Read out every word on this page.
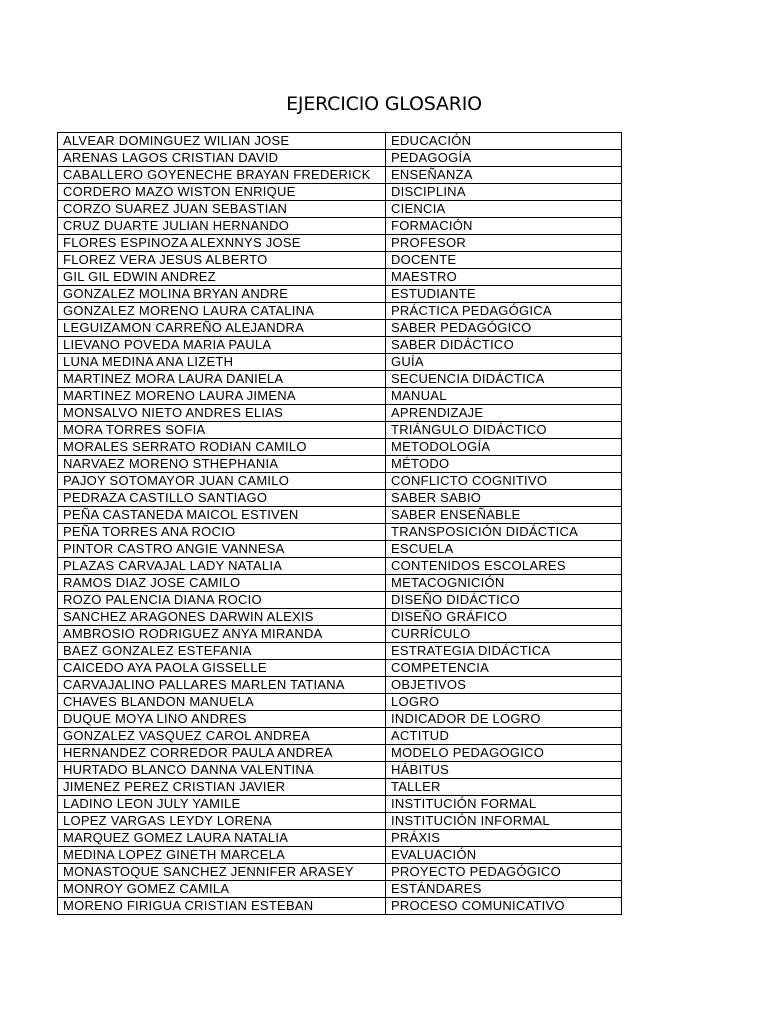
EJERCICIO GLOSARIO
ALVEAR DOMINGUEZ WILIAN JOSE	EDUCACIÓN
ARENAS LAGOS CRISTIAN DAVID	PEDAGOGÍA
CABALLERO GOYENECHE BRAYAN FREDERICK	ENSEÑANZA
CORDERO MAZO WISTON ENRIQUE	DISCIPLINA
CORZO SUAREZ JUAN SEBASTIAN	CIENCIA
CRUZ DUARTE JULIAN HERNANDO	FORMACIÓN
FLORES ESPINOZA ALEXNNYS JOSE	PROFESOR
FLOREZ VERA JESUS ALBERTO	DOCENTE
GIL GIL EDWIN ANDREZ	MAESTRO
GONZALEZ MOLINA BRYAN ANDRE	ESTUDIANTE
GONZALEZ MORENO LAURA CATALINA	PRÁCTICA PEDAGÓGICA
LEGUIZAMON CARREÑO ALEJANDRA	SABER PEDAGÓGICO
LIEVANO POVEDA MARIA PAULA	SABER DIDÁCTICO
LUNA MEDINA ANA LIZETH	GUÍA
MARTINEZ MORA LAURA DANIELA	SECUENCIA DIDÁCTICA
MARTINEZ MORENO LAURA JIMENA	MANUAL
MONSALVO NIETO ANDRES ELIAS	APRENDIZAJE
MORA TORRES SOFIA	TRIÁNGULO DIDÁCTICO
MORALES SERRATO RODIAN CAMILO	METODOLOGÍA
NARVAEZ MORENO STHEPHANIA	MÉTODO
PAJOY SOTOMAYOR JUAN CAMILO	CONFLICTO COGNITIVO
PEDRAZA CASTILLO SANTIAGO	SABER SABIO
PEÑA CASTANEDA MAICOL ESTIVEN	SABER ENSEÑABLE
PEÑA TORRES ANA ROCIO	TRANSPOSICIÓN DIDÁCTICA
PINTOR CASTRO ANGIE VANNESA	ESCUELA
PLAZAS CARVAJAL LADY NATALIA	CONTENIDOS ESCOLARES
RAMOS DIAZ JOSE CAMILO	METACOGNICIÓN
ROZO PALENCIA DIANA ROCIO	DISEÑO DIDÁCTICO
SANCHEZ ARAGONES DARWIN ALEXIS	DISEÑO GRÁFICO
AMBROSIO RODRIGUEZ ANYA MIRANDA	CURRÍCULO
BAEZ GONZALEZ ESTEFANIA	ESTRATEGIA DIDÁCTICA
CAICEDO AYA PAOLA GISSELLE	COMPETENCIA
CARVAJALINO PALLARES MARLEN TATIANA	OBJETIVOS
CHAVES BLANDON MANUELA	LOGRO
DUQUE MOYA LINO ANDRES	INDICADOR DE LOGRO
GONZALEZ VASQUEZ CAROL ANDREA	ACTITUD
HERNANDEZ CORREDOR PAULA ANDREA	MODELO PEDAGOGICO
HURTADO BLANCO DANNA VALENTINA	HÁBITUS
JIMENEZ PEREZ CRISTIAN JAVIER	TALLER
LADINO LEON JULY YAMILE	INSTITUCIÓN FORMAL
LOPEZ VARGAS LEYDY LORENA	INSTITUCIÓN INFORMAL
MARQUEZ GOMEZ LAURA NATALIA	PRÁXIS
MEDINA LOPEZ GINETH MARCELA	EVALUACIÓN
MONASTOQUE SANCHEZ JENNIFER ARASEY	PROYECTO PEDAGÓGICO
MONROY GOMEZ CAMILA	ESTÁNDARES
MORENO FIRIGUA CRISTIAN ESTEBAN	PROCESO COMUNICATIVO
